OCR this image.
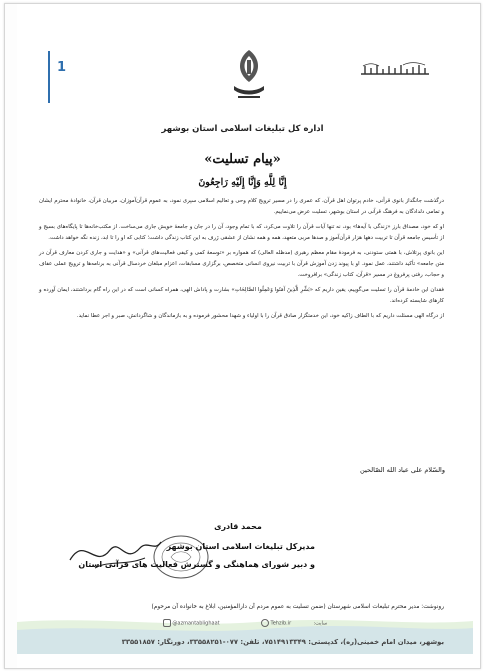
1
اداره کل تبلیغات اسلامی استان بوشهر
«پیام تسلیت»
إِنَّا لِلَّهِ وَإِنَّا إِلَيْهِ رَاجِعُونَ

درگذشت جانگداز بانوی قرآنی، خادم پرتوان اهل قرآن، که عمری را در مسیر ترویج کلام وحی و تعالیم اسلامی سپری نمود، به عموم قرآن‌آموزان، مربیان قرآن، خانوادهٔ محترم ایشان و تمامی دلدادگان به فرهنگ قرآنی در استان بوشهر، تسلیت عرض می‌نماییم.

او که خود، مصداق بارز «زندگی با آیه‌ها» بود، نه تنها آیات قرآن را تلاوت می‌کرد، که با تمام وجود، آن را در جان و جامعهٔ خویش جاری می‌ساخت. از مکتب‌خانه‌ها تا پایگاه‌های بسیج و از تأسیس جامعه قرآن تا تربیت دهها هزار قرآن‌آموز و صدها مربی متعهد، همه و همه نشان از عشقی ژرف به این کتاب زندگی داشت؛ کتابی که او را تا ابد، زنده نگه خواهد داشت.

این بانوی پرتلاش، با همتی ستودنی، به فرمودهٔ مقام معظم رهبری (مدظله العالی) که همواره بر «توسعهٔ کمی و کیفی فعالیت‌های قرآنی» و «هدایت و جاری کردن معارف قرآن در متن جامعه» تأکید داشتند، عمل نمود. او با پیوند زدن آموزش قرآن با تربیت نیروی انسانی متخصص، برگزاری مسابقات، اعزام مبلغان خردسال قرآنی به برنامه‌ها و ترویج عملی عفاف و حجاب، رفتی پرفروغ در مسیر «قرآن، کتاب زندگی» برافروخت.

فقدان این خادمهٔ قرآن را تسلیت می‌گوییم، یقین داریم که «بَشِّرِ الَّذِينَ آمَنُوا وَعَمِلُوا الصَّالِحَاتِ» بشارت و پاداش الهی، همراه کسانی است که در این راه گام برداشتند، ایمان آورده و کارهای شایسته کرده‌اند.

از درگاه الهی مسئلت داریم که با الطاف زاکیه خود، این خدمتگزار صادق قرآن را با اولیاء و شهدا محشور فرموده و به بازماندگان و شاگردانش، صبر و اجر عطا نماید.

والسّلام علی عباد الله الصّالحین
محمد قادری
مدیرکل تبلیغات اسلامی استان بوشهر
و دبیر شورای هماهنگی و گسترش فعالیت های قرآنی استان
رونوشت: مدیر محترم تبلیغات اسلامی شهرستان (ضمن تسلیت به عموم مردم آن دارالمؤمنین، ابلاغ به خانواده آن مرحوم)
@azmantablighaat	Tehzib.ir	سایت:
بوشهر، میدان امام خمینی(ره)، کدپستی: ۷۵۱۴۹۱۳۳۴۹، تلفن: ۰۷۷-۳۳۵۵۸۲۵۱، دورنگار: ۳۳۵۵۱۸۵۷
